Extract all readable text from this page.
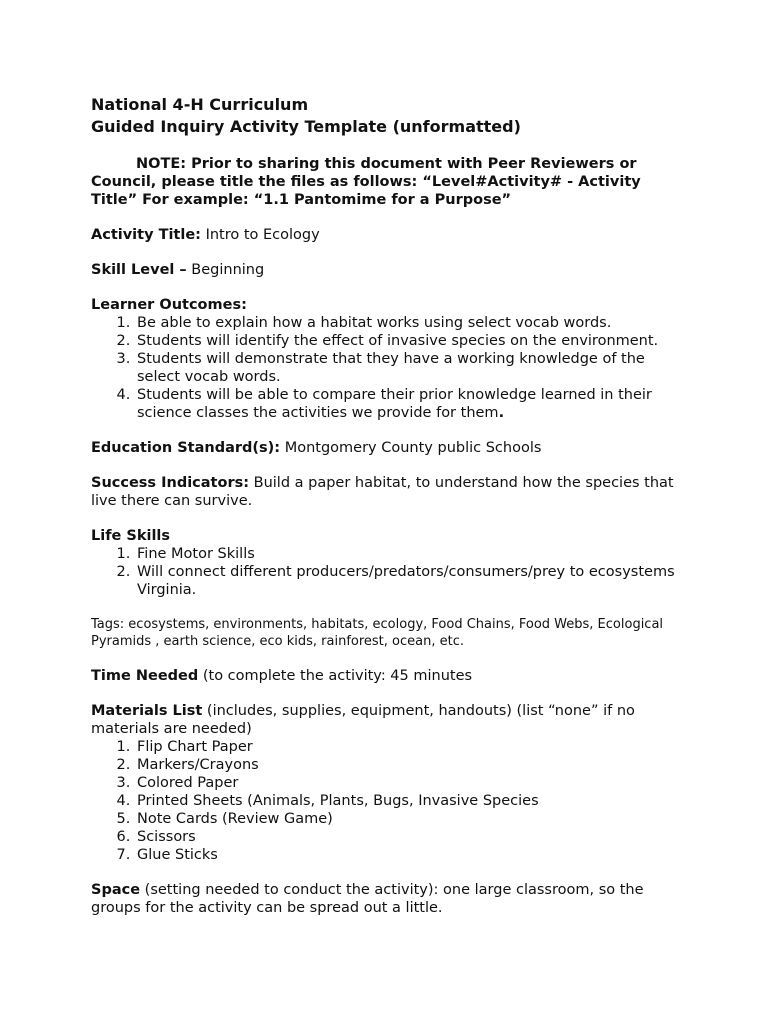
National 4-H Curriculum
Guided Inquiry Activity Template (unformatted)
NOTE: Prior to sharing this document with Peer Reviewers or Council, please title the files as follows: “Level#Activity# - Activity Title” For example: “1.1 Pantomime for a Purpose”
Activity Title: Intro to Ecology
Skill Level – Beginning
Learner Outcomes:
1. Be able to explain how a habitat works using select vocab words.
2. Students will identify the effect of invasive species on the environment.
3. Students will demonstrate that they have a working knowledge of the select vocab words.
4. Students will be able to compare their prior knowledge learned in their science classes the activities we provide for them.
Education Standard(s): Montgomery County public Schools
Success Indicators: Build a paper habitat, to understand how the species that live there can survive.
Life Skills
1. Fine Motor Skills
2. Will connect different producers/predators/consumers/prey to ecosystems Virginia.
Tags: ecosystems, environments, habitats, ecology, Food Chains, Food Webs, Ecological Pyramids , earth science, eco kids, rainforest, ocean, etc.
Time Needed (to complete the activity: 45 minutes
Materials List (includes, supplies, equipment, handouts) (list “none” if no materials are needed)
1. Flip Chart Paper
2. Markers/Crayons
3. Colored Paper
4. Printed Sheets (Animals, Plants, Bugs, Invasive Species
5. Note Cards (Review Game)
6. Scissors
7. Glue Sticks
Space (setting needed to conduct the activity): one large classroom, so the groups for the activity can be spread out a little.
